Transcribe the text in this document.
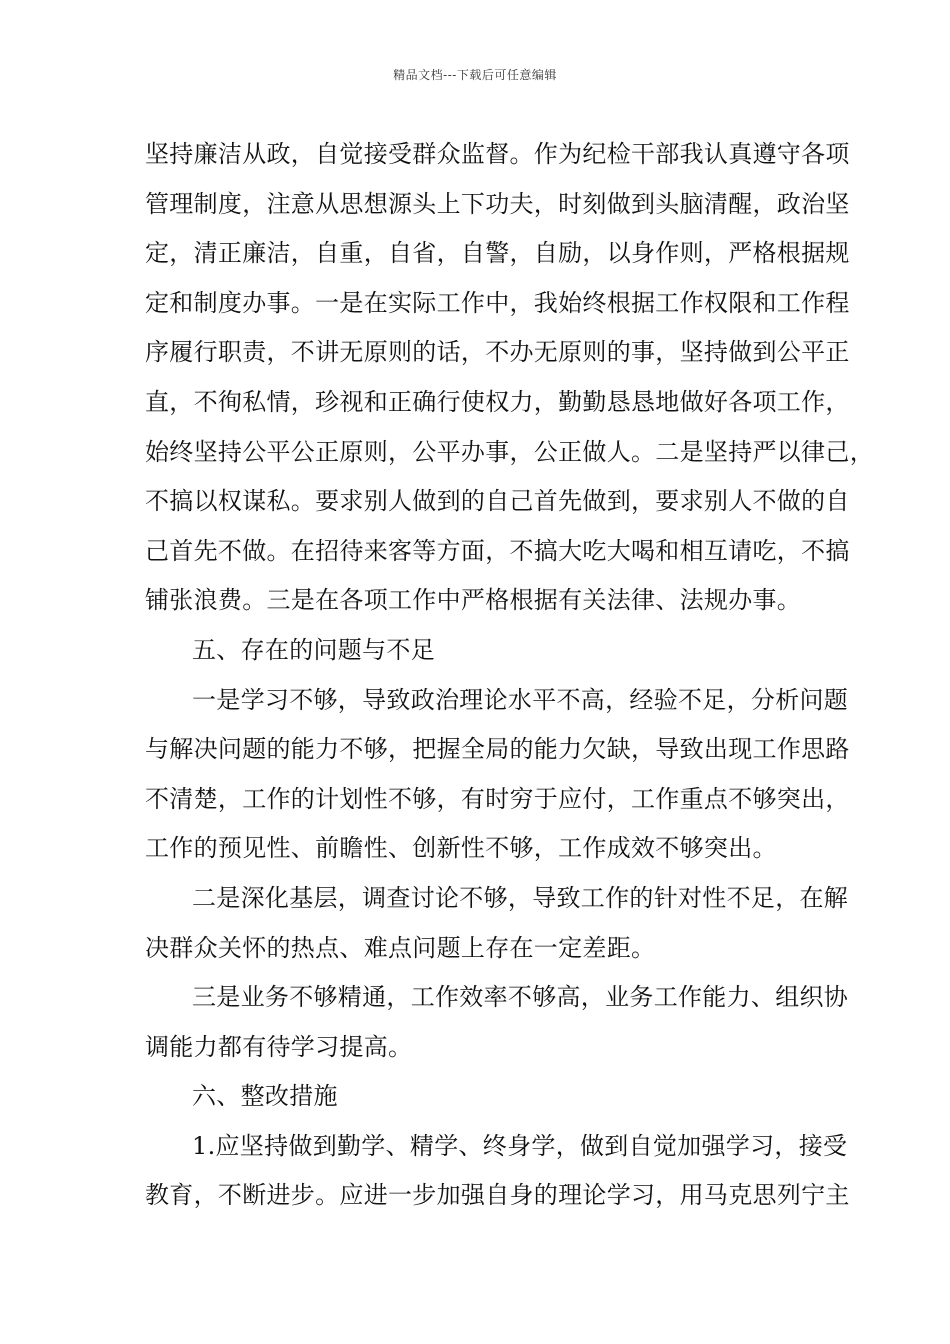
精品文档---下载后可任意编辑
坚持廉洁从政，自觉接受群众监督。作为纪检干部我认真遵守各项
管理制度，注意从思想源头上下功夫，时刻做到头脑清醒，政治坚
定，清正廉洁，自重，自省，自警，自励，以身作则，严格根据规
定和制度办事。一是在实际工作中，我始终根据工作权限和工作程
序履行职责，不讲无原则的话，不办无原则的事，坚持做到公平正
直，不徇私情，珍视和正确行使权力，勤勤恳恳地做好各项工作，
始终坚持公平公正原则，公平办事，公正做人。二是坚持严以律己，
不搞以权谋私。要求别人做到的自己首先做到，要求别人不做的自
己首先不做。在招待来客等方面，不搞大吃大喝和相互请吃，不搞
铺张浪费。三是在各项工作中严格根据有关法律、法规办事。
五、存在的问题与不足
一是学习不够，导致政治理论水平不高，经验不足，分析问题
与解决问题的能力不够，把握全局的能力欠缺，导致出现工作思路
不清楚，工作的计划性不够，有时穷于应付，工作重点不够突出，
工作的预见性、前瞻性、创新性不够，工作成效不够突出。
二是深化基层，调查讨论不够，导致工作的针对性不足，在解
决群众关怀的热点、难点问题上存在一定差距。
三是业务不够精通，工作效率不够高，业务工作能力、组织协
调能力都有待学习提高。
六、整改措施
1.应坚持做到勤学、精学、终身学，做到自觉加强学习，接受
教育，不断进步。应进一步加强自身的理论学习，用马克思列宁主
